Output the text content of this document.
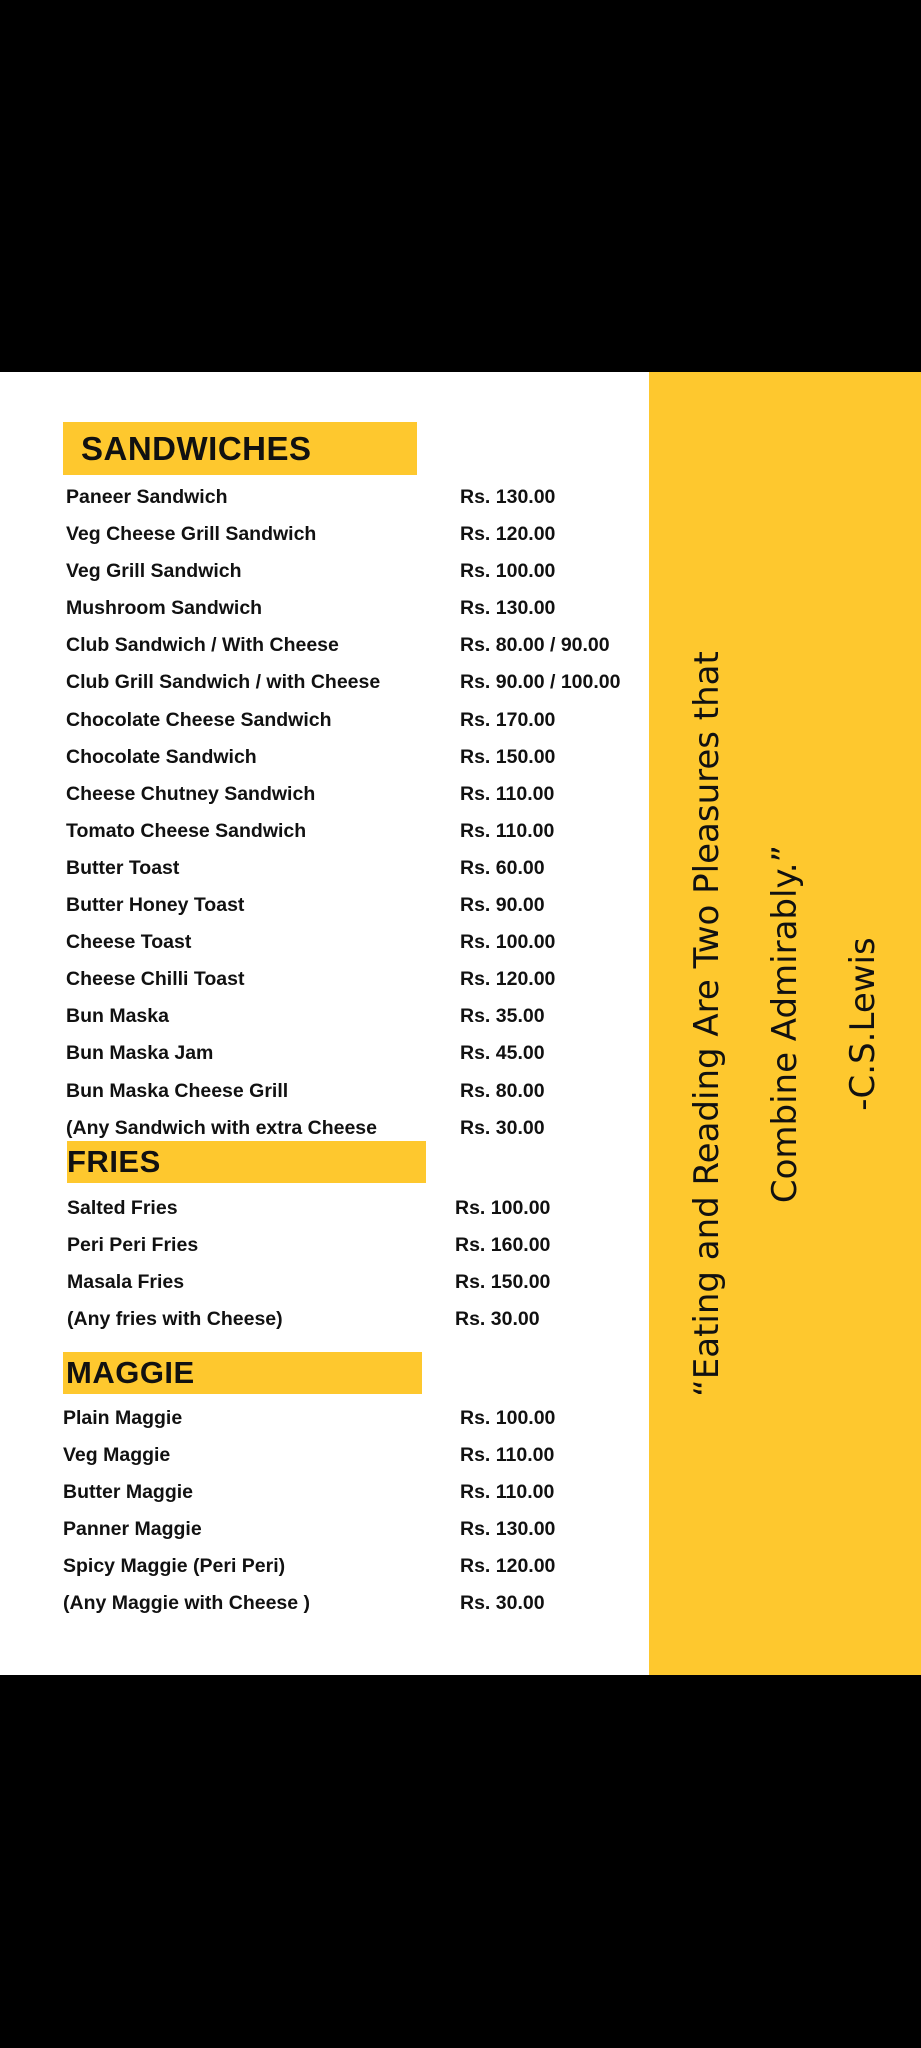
SANDWICHES
Paneer Sandwich	Rs. 130.00
Veg Cheese Grill Sandwich	Rs. 120.00
Veg Grill Sandwich	Rs. 100.00
Mushroom Sandwich	Rs. 130.00
Club Sandwich / With Cheese	Rs. 80.00 / 90.00
Club Grill Sandwich / with Cheese	Rs. 90.00 / 100.00
Chocolate Cheese Sandwich	Rs. 170.00
Chocolate Sandwich	Rs. 150.00
Cheese Chutney Sandwich	Rs. 110.00
Tomato Cheese Sandwich	Rs. 110.00
Butter Toast	Rs. 60.00
Butter Honey Toast	Rs. 90.00
Cheese Toast	Rs. 100.00
Cheese Chilli Toast	Rs. 120.00
Bun Maska	Rs. 35.00
Bun Maska Jam	Rs. 45.00
Bun Maska Cheese Grill	Rs. 80.00
(Any Sandwich with extra Cheese	Rs. 30.00
FRIES
Salted Fries	Rs. 100.00
Peri Peri Fries	Rs. 160.00
Masala Fries	Rs. 150.00
(Any fries with Cheese)	Rs. 30.00
MAGGIE
Plain Maggie	Rs. 100.00
Veg Maggie	Rs. 110.00
Butter Maggie	Rs. 110.00
Panner Maggie	Rs. 130.00
Spicy Maggie (Peri Peri)	Rs. 120.00
(Any Maggie with Cheese )	Rs. 30.00
“Eating and Reading Are Two Pleasures that	Combine Admirably.”	-C.S.Lewis
